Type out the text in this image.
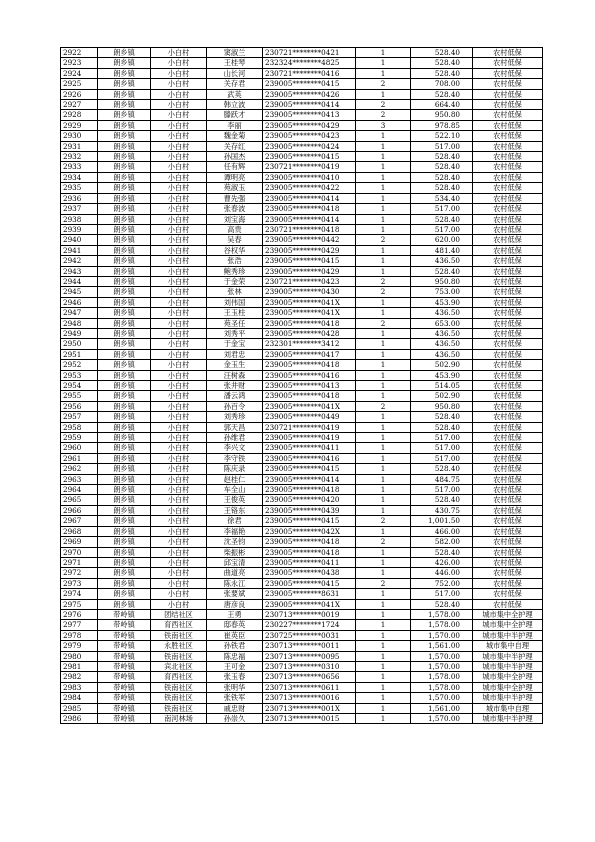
2922	朗乡镇	小白村	窦淑兰	230721********0421	1	528.40	农村低保
2923	朗乡镇	小白村	王桂琴	232324********4825	1	528.40	农村低保
2924	朗乡镇	小白村	山长河	230721********0416	1	528.40	农村低保
2925	朗乡镇	小白村	关存君	239005********0415	2	708.00	农村低保
2926	朗乡镇	小白村	武英	239005********0426	1	528.40	农村低保
2927	朗乡镇	小白村	韩立波	239005********0414	2	664.40	农村低保
2928	朗乡镇	小白村	滕跃才	239005********0413	2	950.80	农村低保
2929	朗乡镇	小白村	李丽	239005********0429	3	978.85	农村低保
2930	朗乡镇	小白村	魏金菊	239005********0423	1	522.10	农村低保
2931	朗乡镇	小白村	关存红	239005********0424	1	517.00	农村低保
2932	朗乡镇	小白村	孙国杰	239005********0415	1	528.40	农村低保
2933	朗乡镇	小白村	任有辉	230721********0419	1	528.40	农村低保
2934	朗乡镇	小白村	谭明亮	239005********0410	1	528.40	农村低保
2935	朗乡镇	小白村	苑淑玉	239005********0422	1	528.40	农村低保
2936	朗乡镇	小白村	曹先强	239005********0414	1	534.40	农村低保
2937	朗乡镇	小白村	张春波	239005********0418	1	517.00	农村低保
2938	朗乡镇	小白村	刘宝海	239005********0414	1	528.40	农村低保
2939	朗乡镇	小白村	高贵	230721********0418	1	517.00	农村低保
2940	朗乡镇	小白村	吴春	239005********0442	2	620.00	农村低保
2941	朗乡镇	小白村	谷权华	239005********0429	1	481.40	农村低保
2942	朗乡镇	小白村	张浩	239005********0415	1	436.50	农村低保
2943	朗乡镇	小白村	鲍秀珍	239005********0429	1	528.40	农村低保
2944	朗乡镇	小白村	于金荣	230721********0423	2	950.80	农村低保
2945	朗乡镇	小白村	张林	239005********0430	2	753.00	农村低保
2946	朗乡镇	小白村	刘伟国	239005********041X	1	453.90	农村低保
2947	朗乡镇	小白村	王玉柱	239005********041X	1	436.50	农村低保
2948	朗乡镇	小白村	苑圣任	239005********0418	2	653.00	农村低保
2949	朗乡镇	小白村	刘秀平	239005********0428	1	436.50	农村低保
2950	朗乡镇	小白村	于金宝	232301********3412	1	436.50	农村低保
2951	朗乡镇	小白村	刘君忠	239005********0417	1	436.50	农村低保
2952	朗乡镇	小白村	金玉生	239005********0418	1	502.90	农村低保
2953	朗乡镇	小白村	汪树森	239005********0416	1	453.90	农村低保
2954	朗乡镇	小白村	张井财	239005********0413	1	514.05	农村低保
2955	朗乡镇	小白村	潘云鸿	239005********0418	1	502.90	农村低保
2956	朗乡镇	小白村	孙百令	239005********041X	2	950.80	农村低保
2957	朗乡镇	小白村	刘秀珍	239005********0449	1	528.40	农村低保
2958	朗乡镇	小白村	郭天昌	230721********0419	1	528.40	农村低保
2959	朗乡镇	小白村	孙维君	239005********0419	1	517.00	农村低保
2960	朗乡镇	小白村	李兴文	239005********0411	1	517.00	农村低保
2961	朗乡镇	小白村	李守铁	239005********0416	1	517.00	农村低保
2962	朗乡镇	小白村	陈庆录	239005********0415	1	528.40	农村低保
2963	朗乡镇	小白村	赵桂仁	239005********0414	1	484.75	农村低保
2964	朗乡镇	小白村	车全山	239005********0418	1	517.00	农村低保
2965	朗乡镇	小白村	王俊英	239005********0420	1	528.40	农村低保
2966	朗乡镇	小白村	王铬东	239005********0439	1	430.75	农村低保
2967	朗乡镇	小白村	徐君	239005********0415	2	1,001.50	农村低保
2968	朗乡镇	小白村	李福艳	239005********042X	1	466.00	农村低保
2969	朗乡镇	小白村	沈圣钧	239005********0418	2	582.00	农村低保
2970	朗乡镇	小白村	柴振彬	239005********0418	1	528.40	农村低保
2971	朗乡镇	小白村	邱宝清	239005********0411	1	426.00	农村低保
2972	朗乡镇	小白村	曲道亮	239005********0438	1	446.00	农村低保
2973	朗乡镇	小白村	陈永江	239005********0415	2	752.00	农村低保
2974	朗乡镇	小白村	张要斌	239005********8631	1	517.00	农村低保
2975	朗乡镇	小白村	唐彦良	239005********041X	1	528.40	农村低保
2976	带岭镇	团结社区	王勇	230713********0019	1	1,578.00	城市集中全护理
2977	带岭镇	育西社区	邸春英	230227********1724	1	1,578.00	城市集中全护理
2978	带岭镇	铁南社区	崔英臣	230725********0031	1	1,570.00	城市集中半护理
2979	带岭镇	永胜社区	孙铁君	230713********0011	1	1,561.00	城市集中自理
2980	带岭镇	铁南社区	陈忠福	230713********0095	1	1,570.00	城市集中半护理
2981	带岭镇	宾北社区	王可金	230713********0310	1	1,570.00	城市集中半护理
2982	带岭镇	育西社区	张玉春	230713********0656	1	1,578.00	城市集中全护理
2983	带岭镇	铁南社区	张明华	230713********0611	1	1,578.00	城市集中全护理
2984	带岭镇	铁南社区	张铁军	230713********0016	1	1,570.00	城市集中半护理
2985	带岭镇	铁南社区	戚忠财	230713********001X	1	1,561.00	城市集中自理
2986	带岭镇	南河林场	孙崇久	230713********0015	1	1,570.00	城市集中半护理
